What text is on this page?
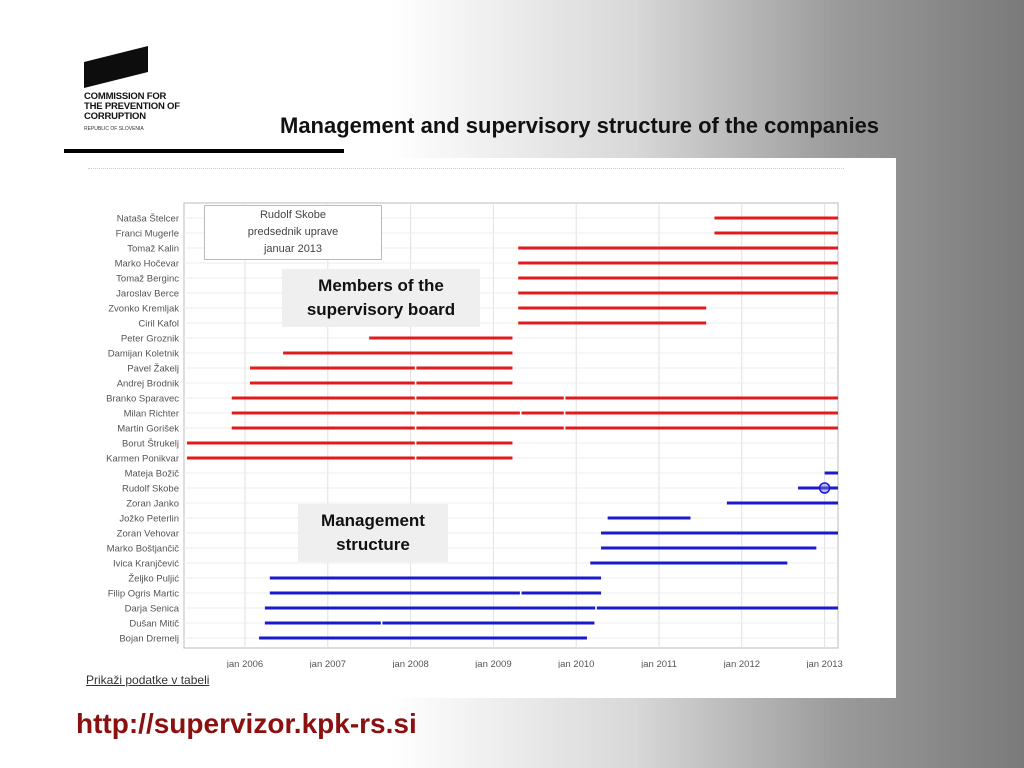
COMMISSION FOR
THE PREVENTION OF
CORRUPTION
REPUBLIC OF SLOVENIA	Management and supervisory structure of the companies
jan 2006	jan 2007	jan 2008	jan 2009	jan 2010	jan 2011	jan 2012	jan 2013
Nataša Štelcer
Franci Mugerle
Tomaž Kalin
Marko Hočevar
Tomaž Berginc
Jaroslav Berce
Zvonko Kremljak
Ciril Kafol
Peter Groznik
Damijan Koletnik
Pavel Žakelj
Andrej Brodnik
Branko Sparavec
Milan Richter
Martin Gorišek
Borut Štrukelj
Karmen Ponikvar
Mateja Božič
Rudolf Skobe
Zoran Janko
Jožko Peterlin
Zoran Vehovar
Marko Boštjančič
Ivica Kranjčević
Željko Puljić
Filip Ogris Martic
Darja Senica
Dušan Mitič
Bojan Dremelj
Rudolf Skobe
predsednik uprave
januar 2013
Members of the supervisory board
Management structure
Prikaži podatke v tabeli
http://supervizor.kpk-rs.si
